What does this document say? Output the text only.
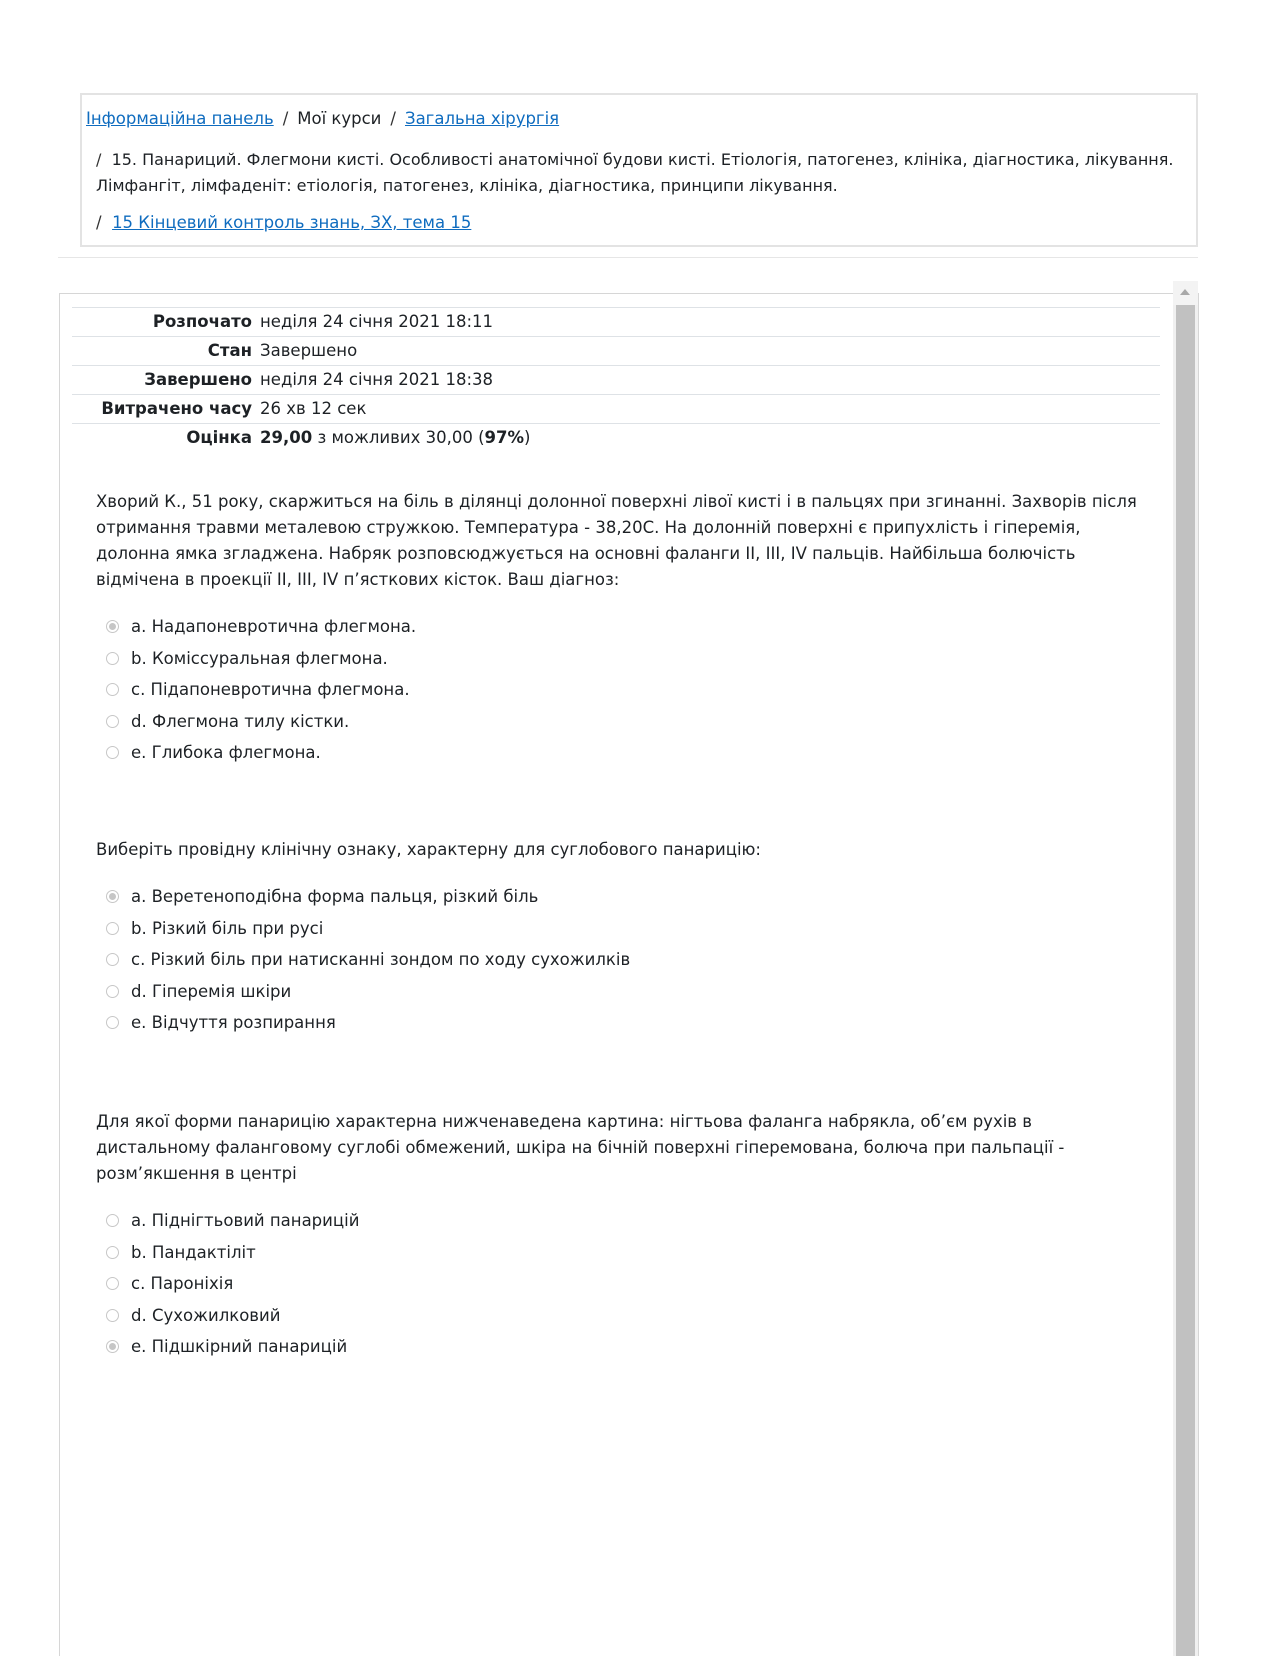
Інформаційна панель / Мої курси / Загальна хірургія
/ 15. Панариций. Флегмони кисті. Особливості анатомічної будови кисті. Етіологія, патогенез, клініка, діагностика, лікування. Лімфангіт, лімфаденіт: етіологія, патогенез, клініка, діагностика, принципи лікування.
/ 15 Кінцевий контроль знань, ЗХ, тема 15
Розпочато неділя 24 січня 2021 18:11
Стан Завершено
Завершено неділя 24 січня 2021 18:38
Витрачено часу 26 хв 12 сек
Оцінка 29,00 з можливих 30,00 (97%)

Хворий К., 51 року, скаржиться на біль в ділянці долонної поверхні лівої кисті і в пальцях при згинанні. Захворів після отримання травми металевою стружкою. Температура - 38,20С. На долонній поверхні є припухлість і гіперемія, долонна ямка згладжена. Набряк розповсюджується на основні фаланги II, III, IV пальців. Найбільша болючість відмічена в проекції II, III, IV п’ясткових кісток. Ваш діагноз:

a. Надапоневротична флегмона.
b. Коміссуральная флегмона.
c. Підапоневротична флегмона.
d. Флегмона тилу кістки.
e. Глибока флегмона.

Виберіть провідну клінічну ознаку, характерну для суглобового панарицію:

a. Веретеноподібна форма пальця, різкий біль
b. Різкий біль при русі
c. Різкий біль при натисканні зондом по ходу сухожилків
d. Гіперемія шкіри
e. Відчуття розпирання

Для якої форми панарицію характерна нижченаведена картина: нігтьова фаланга набрякла, об’єм рухів в дистальному фаланговому суглобі обмежений, шкіра на бічній поверхні гіперемована, болюча при пальпації - розм’якшення в центрі

a. Піднігтьовий панарицій
b. Пандактіліт
c. Пароніхія
d. Сухожилковий
e. Підшкірний панарицій
